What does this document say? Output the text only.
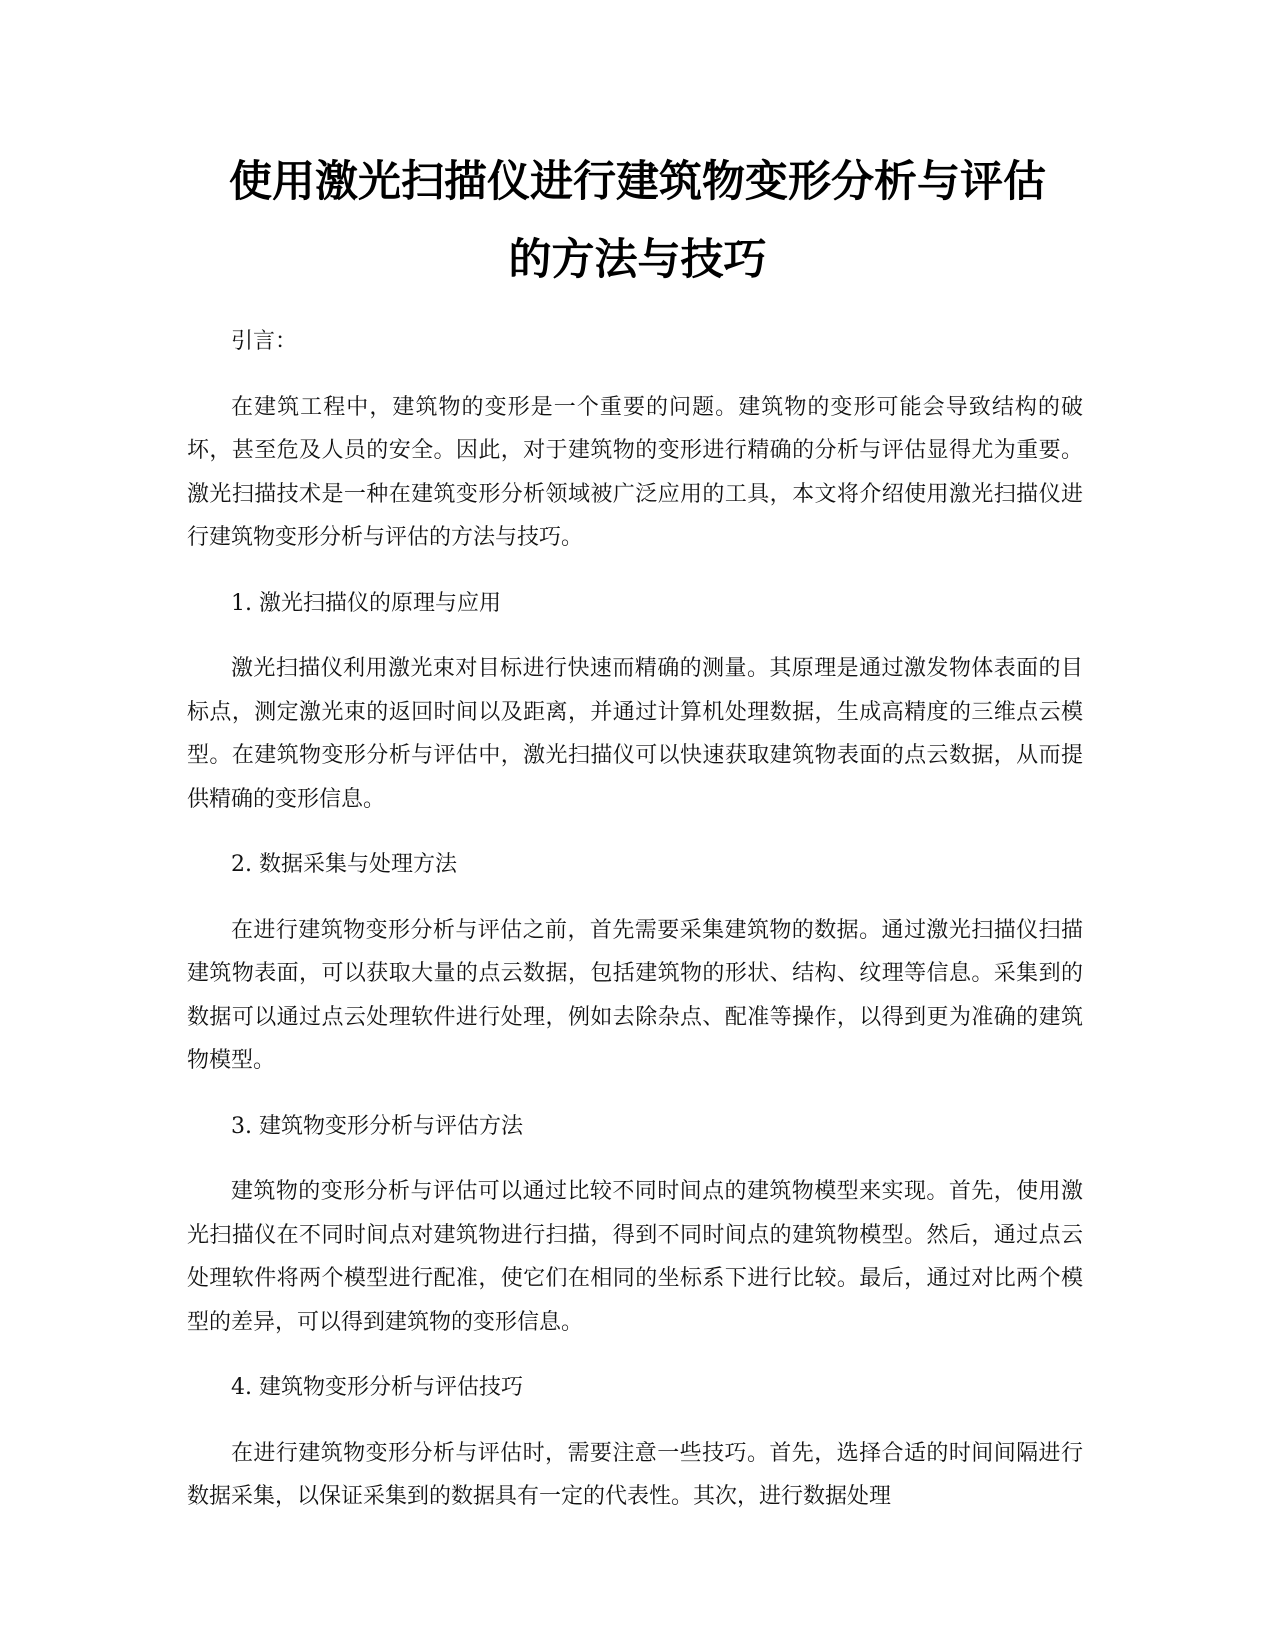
使用激光扫描仪进行建筑物变形分析与评估
的方法与技巧

引言：

在建筑工程中，建筑物的变形是一个重要的问题。建筑物的变形可能会导致结构的破坏，甚至危及人员的安全。因此，对于建筑物的变形进行精确的分析与评估显得尤为重要。激光扫描技术是一种在建筑变形分析领域被广泛应用的工具，本文将介绍使用激光扫描仪进行建筑物变形分析与评估的方法与技巧。

1. 激光扫描仪的原理与应用

激光扫描仪利用激光束对目标进行快速而精确的测量。其原理是通过激发物体表面的目标点，测定激光束的返回时间以及距离，并通过计算机处理数据，生成高精度的三维点云模型。在建筑物变形分析与评估中，激光扫描仪可以快速获取建筑物表面的点云数据，从而提供精确的变形信息。

2. 数据采集与处理方法

在进行建筑物变形分析与评估之前，首先需要采集建筑物的数据。通过激光扫描仪扫描建筑物表面，可以获取大量的点云数据，包括建筑物的形状、结构、纹理等信息。采集到的数据可以通过点云处理软件进行处理，例如去除杂点、配准等操作，以得到更为准确的建筑物模型。

3. 建筑物变形分析与评估方法

建筑物的变形分析与评估可以通过比较不同时间点的建筑物模型来实现。首先，使用激光扫描仪在不同时间点对建筑物进行扫描，得到不同时间点的建筑物模型。然后，通过点云处理软件将两个模型进行配准，使它们在相同的坐标系下进行比较。最后，通过对比两个模型的差异，可以得到建筑物的变形信息。

4. 建筑物变形分析与评估技巧

在进行建筑物变形分析与评估时，需要注意一些技巧。首先，选择合适的时间间隔进行数据采集，以保证采集到的数据具有一定的代表性。其次，进行数据处理
